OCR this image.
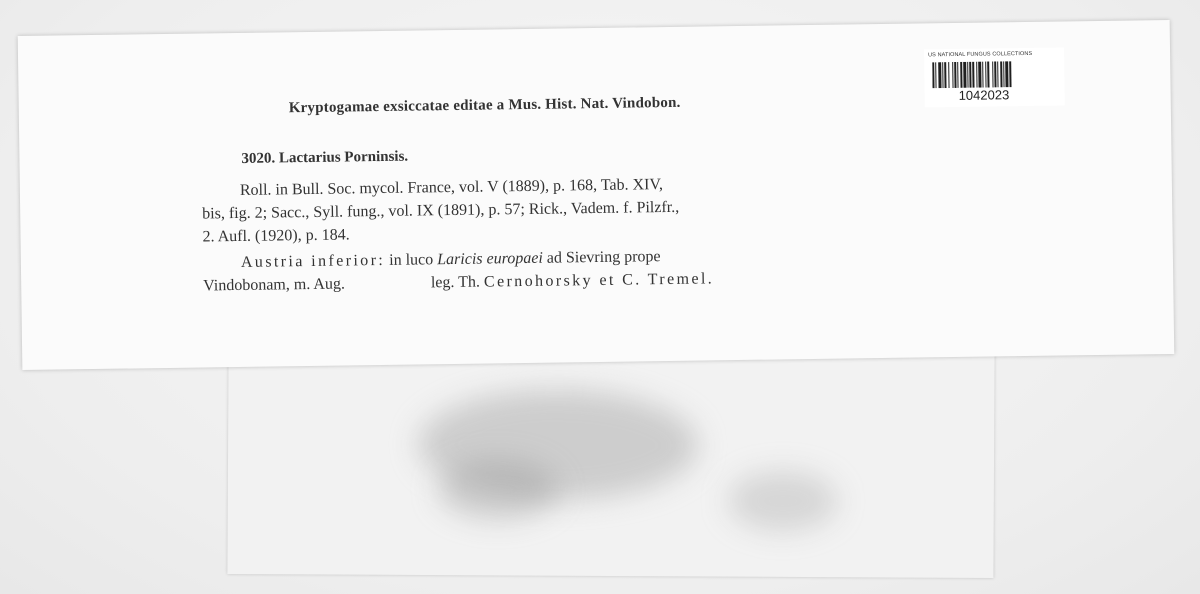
Kryptogamae exsiccatae editae a Mus. Hist. Nat. Vindobon.
3020. Lactarius Porninsis.
Roll. in Bull. Soc. mycol. France, vol. V (1889), p. 168, Tab. XIV,
bis, fig. 2; Sacc., Syll. fung., vol. IX (1891), p. 57; Rick., Vadem. f. Pilzfr.,
2. Aufl. (1920), p. 184.
Austria inferior: in luco Laricis europaei ad Sievring prope
Vindobonam, m. Aug.	leg. Th. Cernohorsky et C. Tremel.
US NATIONAL FUNGUS COLLECTIONS
1042023
